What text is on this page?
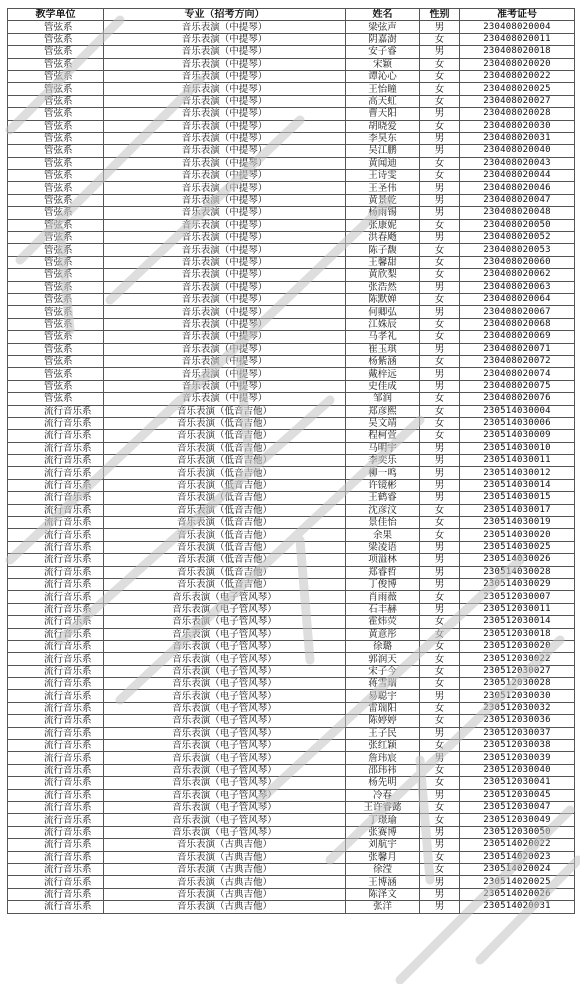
教学单位	专业（招考方向）	姓名	性别	准考证号
管弦系	音乐表演（中提琴）	梁弦声	男	230408020004
管弦系	音乐表演（中提琴）	阴嘉澍	女	230408020011
管弦系	音乐表演（中提琴）	安子睿	男	230408020018
管弦系	音乐表演（中提琴）	宋颖	女	230408020020
管弦系	音乐表演（中提琴）	谭沁心	女	230408020022
管弦系	音乐表演（中提琴）	王怡瞳	女	230408020025
管弦系	音乐表演（中提琴）	高天虹	女	230408020027
管弦系	音乐表演（中提琴）	曹天阳	男	230408020028
管弦系	音乐表演（中提琴）	胡晓爱	女	230408020030
管弦系	音乐表演（中提琴）	李昊东	男	230408020031
管弦系	音乐表演（中提琴）	吴江鹏	男	230408020040
管弦系	音乐表演（中提琴）	黄闻迪	女	230408020043
管弦系	音乐表演（中提琴）	王诗雯	女	230408020044
管弦系	音乐表演（中提琴）	王圣伟	男	230408020046
管弦系	音乐表演（中提琴）	黄景乾	男	230408020047
管弦系	音乐表演（中提琴）	杨雨锡	男	230408020048
管弦系	音乐表演（中提琴）	张康妮	女	230408020050
管弦系	音乐表演（中提琴）	洪春飏	男	230408020052
管弦系	音乐表演（中提琴）	陈子馥	女	230408020053
管弦系	音乐表演（中提琴）	王馨甜	女	230408020060
管弦系	音乐表演（中提琴）	黄欣梨	女	230408020062
管弦系	音乐表演（中提琴）	张浩然	男	230408020063
管弦系	音乐表演（中提琴）	陈默婵	女	230408020064
管弦系	音乐表演（中提琴）	何卿弘	男	230408020067
管弦系	音乐表演（中提琴）	江姝辰	女	230408020068
管弦系	音乐表演（中提琴）	马孝礼	女	230408020069
管弦系	音乐表演（中提琴）	崔玉琪	男	230408020071
管弦系	音乐表演（中提琴）	杨紫涵	女	230408020072
管弦系	音乐表演（中提琴）	戴梓远	男	230408020074
管弦系	音乐表演（中提琴）	史佳成	男	230408020075
管弦系	音乐表演（中提琴）	邹润	女	230408020076
流行音乐系	音乐表演（低音吉他）	郑彦熙	女	230514030004
流行音乐系	音乐表演（低音吉他）	吴文靖	女	230514030006
流行音乐系	音乐表演（低音吉他）	程柯萱	女	230514030009
流行音乐系	音乐表演（低音吉他）	马明宇	男	230514030010
流行音乐系	音乐表演（低音吉他）	李奕乐	男	230514030011
流行音乐系	音乐表演（低音吉他）	柳一鸣	男	230514030012
流行音乐系	音乐表演（低音吉他）	许镜彬	男	230514030014
流行音乐系	音乐表演（低音吉他）	王鹤睿	男	230514030015
流行音乐系	音乐表演（低音吉他）	沈彦汶	女	230514030017
流行音乐系	音乐表演（低音吉他）	景佳怡	女	230514030019
流行音乐系	音乐表演（低音吉他）	余果	女	230514030020
流行音乐系	音乐表演（低音吉他）	梁凌语	男	230514030025
流行音乐系	音乐表演（低音吉他）	项溢林	男	230514030026
流行音乐系	音乐表演（低音吉他）	郑睿哲	男	230514030028
流行音乐系	音乐表演（低音吉他）	丁俊博	男	230514030029
流行音乐系	音乐表演（电子管风琴）	肖雨薇	女	230512030007
流行音乐系	音乐表演（电子管风琴）	石丰赫	男	230512030011
流行音乐系	音乐表演（电子管风琴）	霍炜荧	女	230512030014
流行音乐系	音乐表演（电子管风琴）	黄意彤	女	230512030018
流行音乐系	音乐表演（电子管风琴）	徐璐	女	230512030020
流行音乐系	音乐表演（电子管风琴）	郭润天	女	230512030022
流行音乐系	音乐表演（电子管风琴）	宋子今	女	230512030027
流行音乐系	音乐表演（电子管风琴）	蒋雪瑞	女	230512030028
流行音乐系	音乐表演（电子管风琴）	易聪宇	男	230512030030
流行音乐系	音乐表演（电子管风琴）	雷瑞阳	女	230512030032
流行音乐系	音乐表演（电子管风琴）	陈婷婷	女	230512030036
流行音乐系	音乐表演（电子管风琴）	王子民	男	230512030037
流行音乐系	音乐表演（电子管风琴）	张红颖	女	230512030038
流行音乐系	音乐表演（电子管风琴）	詹玮宸	男	230512030039
流行音乐系	音乐表演（电子管风琴）	邵玮祎	女	230512030040
流行音乐系	音乐表演（电子管风琴）	杨先明	女	230512030041
流行音乐系	音乐表演（电子管风琴）	冷春	男	230512030045
流行音乐系	音乐表演（电子管风琴）	王许睿懿	女	230512030047
流行音乐系	音乐表演（电子管风琴）	丁璟瑜	女	230512030049
流行音乐系	音乐表演（电子管风琴）	张赛博	男	230512030050
流行音乐系	音乐表演（古典吉他）	刘航宇	男	230514020022
流行音乐系	音乐表演（古典吉他）	张馨月	女	230514020023
流行音乐系	音乐表演（古典吉他）	徐滢	女	230514020024
流行音乐系	音乐表演（古典吉他）	王博涵	男	230514020025
流行音乐系	音乐表演（古典吉他）	陈泽文	男	230514020026
流行音乐系	音乐表演（古典吉他）	张洋	男	230514020031
